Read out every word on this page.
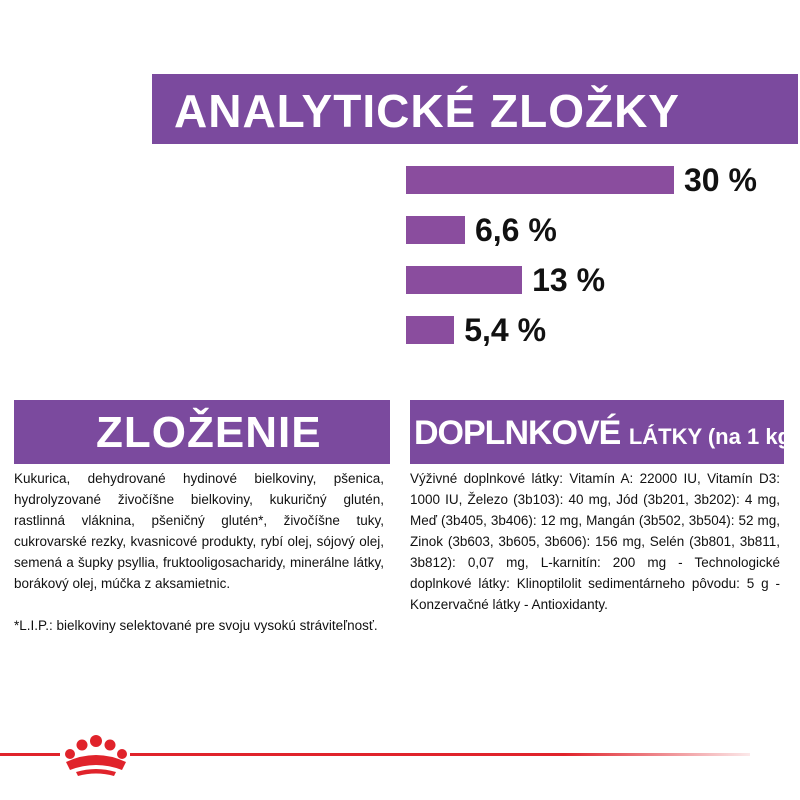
ANALYTICKÉ ZLOŽKY
30 %
6,6 %
13 %
5,4 %
ZLOŽENIE
Kukurica, dehydrované hydinové bielkoviny, pšenica, hydrolyzované živočíšne bielkoviny, kukuričný glutén, rastlinná vláknina, pšeničný glutén*, živočíšne tuky, cukrovarské rezky, kvasnicové produkty, rybí olej, sójový olej, semená a šupky psyllia, fruktooligosacharidy, minerálne látky, borákový olej, múčka z aksamietnic.
*L.I.P.: bielkoviny selektované pre svoju vysokú stráviteľnosť.
DOPLNKOVÉ LÁTKY (na 1 kg)
Výživné doplnkové látky: Vitamín A: 22000 IU, Vitamín D3: 1000 IU, Železo (3b103): 40 mg, Jód (3b201, 3b202): 4 mg, Meď (3b405, 3b406): 12 mg, Mangán (3b502, 3b504): 52 mg, Zinok (3b603, 3b605, 3b606): 156 mg, Selén (3b801, 3b811, 3b812): 0,07 mg, L-karnitín: 200 mg - Technologické doplnkové látky: Klinoptilolit sedimentárneho pôvodu: 5 g - Konzervačné látky - Antioxidanty.
